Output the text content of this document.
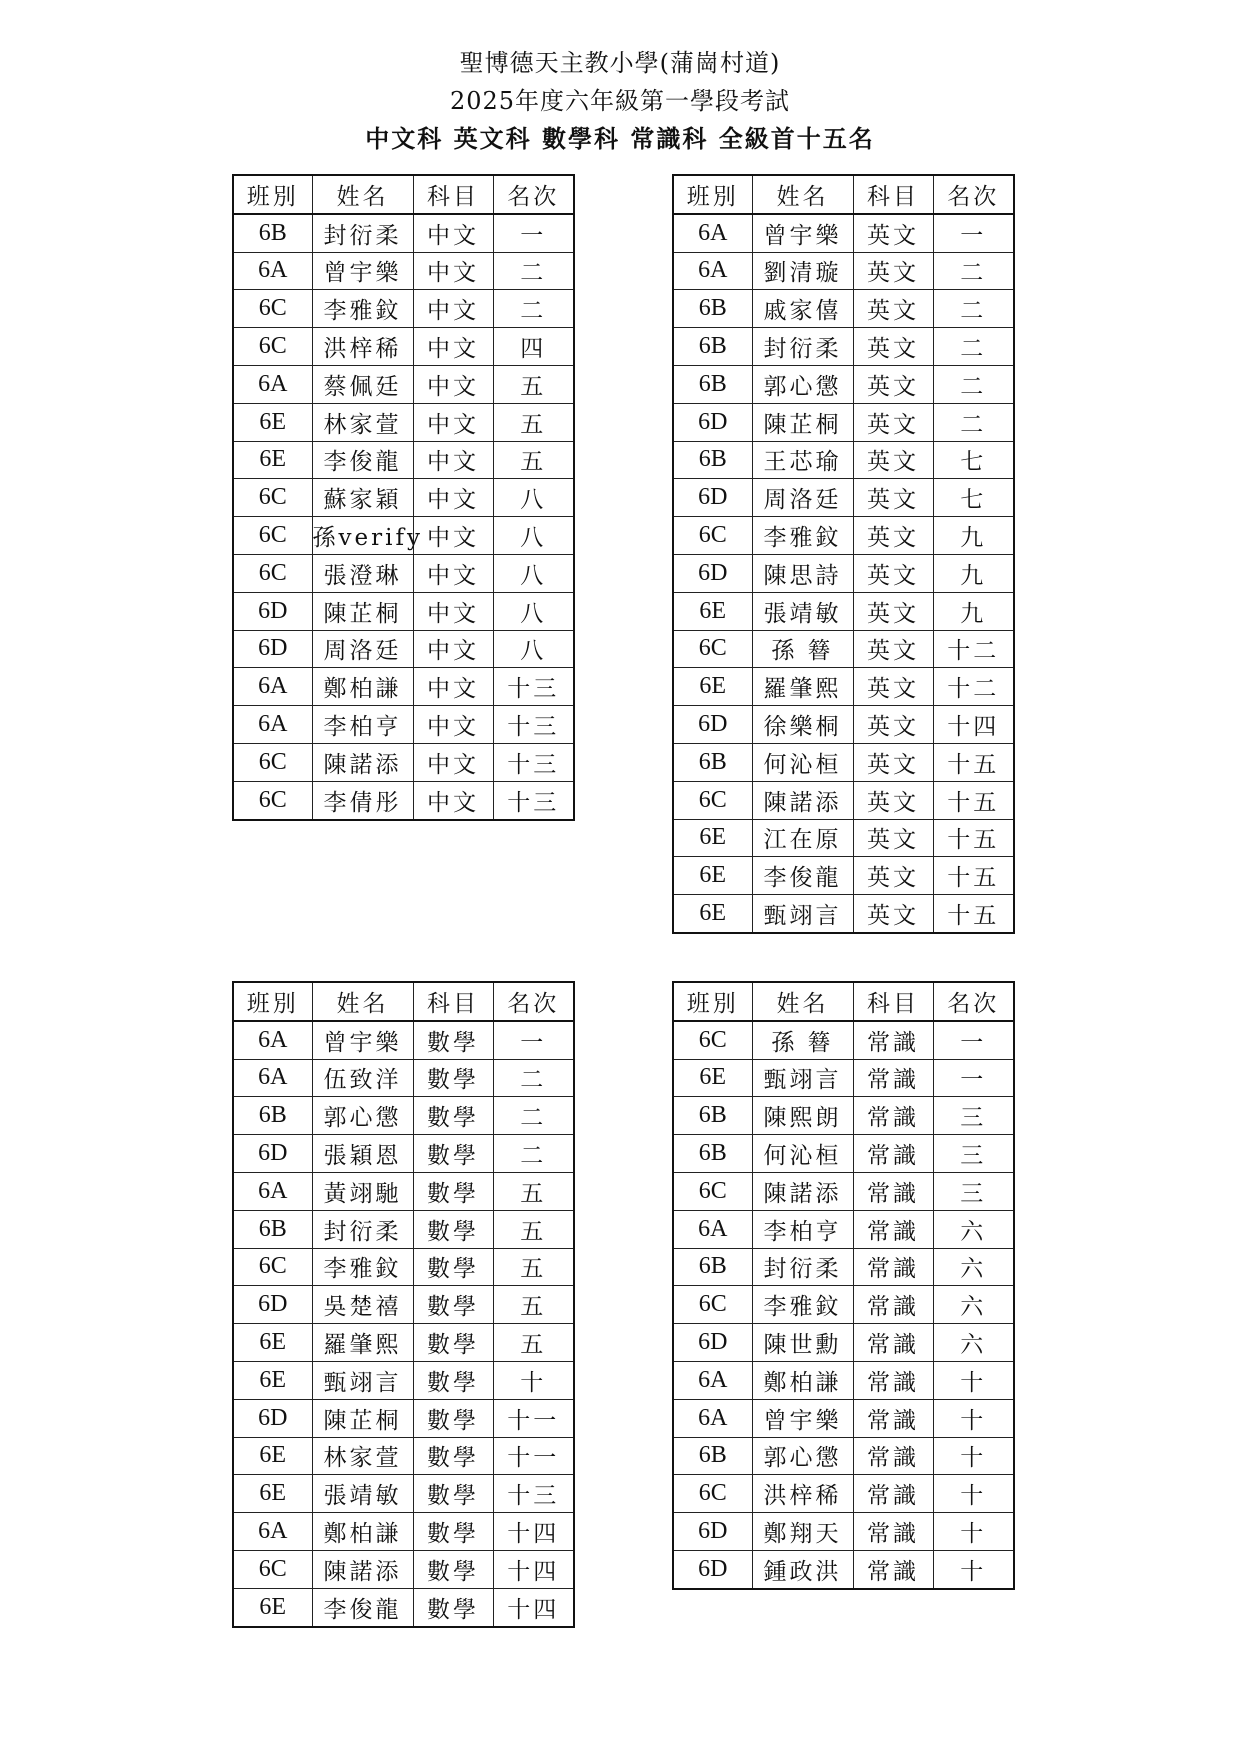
聖博德天主教小學(蒲崗村道)
2025年度六年級第一學段考試
中文科 英文科 數學科 常識科 全級首十五名
班別	姓名	科目	名次
6B	封衍柔	中文	一
6A	曾宇樂	中文	二
6C	李雅鈫	中文	二
6C	洪梓稀	中文	四
6A	蔡佩廷	中文	五
6E	林家萱	中文	五
6E	李俊龍	中文	五
6C	蘇家穎	中文	八
6C	孫verify	中文	八
6C	張澄琳	中文	八
6D	陳芷桐	中文	八
6D	周洛廷	中文	八
6A	鄭柏謙	中文	十三
6A	李柏亨	中文	十三
6C	陳諾添	中文	十三
6C	李倩彤	中文	十三
班別	姓名	科目	名次
6A	曾宇樂	英文	一
6A	劉清璇	英文	二
6B	戚家僖	英文	二
6B	封衍柔	英文	二
6B	郭心懲	英文	二
6D	陳芷桐	英文	二
6B	王芯瑜	英文	七
6D	周洛廷	英文	七
6C	李雅鈫	英文	九
6D	陳思詩	英文	九
6E	張靖敏	英文	九
6C	孫 簮	英文	十二
6E	羅肇熙	英文	十二
6D	徐樂桐	英文	十四
6B	何沁桓	英文	十五
6C	陳諾添	英文	十五
6E	江在原	英文	十五
6E	李俊龍	英文	十五
6E	甄翊言	英文	十五
班別	姓名	科目	名次
6A	曾宇樂	數學	一
6A	伍致洋	數學	二
6B	郭心懲	數學	二
6D	張穎恩	數學	二
6A	黃翊馳	數學	五
6B	封衍柔	數學	五
6C	李雅鈫	數學	五
6D	吳楚禧	數學	五
6E	羅肇熙	數學	五
6E	甄翊言	數學	十
6D	陳芷桐	數學	十一
6E	林家萱	數學	十一
6E	張靖敏	數學	十三
6A	鄭柏謙	數學	十四
6C	陳諾添	數學	十四
6E	李俊龍	數學	十四
班別	姓名	科目	名次
6C	孫 簮	常識	一
6E	甄翊言	常識	一
6B	陳熙朗	常識	三
6B	何沁桓	常識	三
6C	陳諾添	常識	三
6A	李柏亨	常識	六
6B	封衍柔	常識	六
6C	李雅鈫	常識	六
6D	陳世勳	常識	六
6A	鄭柏謙	常識	十
6A	曾宇樂	常識	十
6B	郭心懲	常識	十
6C	洪梓稀	常識	十
6D	鄭翔天	常識	十
6D	鍾政洪	常識	十
